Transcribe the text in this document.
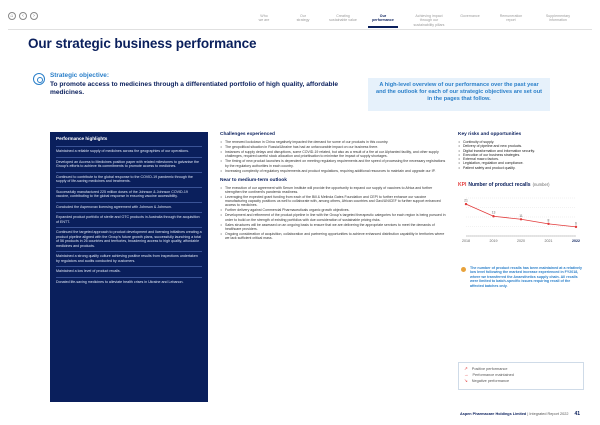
⌂	‹	›	Who
we are
Our
strategy
Creating
sustainable value
Our
performance
Achieving impact
through our
sustainability pillars
Governance	Remuneration
report
Supplementary
information
Our strategic business performance
Strategic objective:
To promote access to medicines through a differentiated portfolio of high quality, affordable medicines.
A high-level overview of our performance over the past year and the outlook for each of our strategic objectives are set out in the pages that follow.
Performance highlights
Maintained a reliable supply of medicines across the geographies of our operations.
Developed an Access to Medicines position paper with related milestones to galvanise the Group's efforts to achieve its commitments to promote access to medicines.
Continued to contribute to the global response to the COVID-19 pandemic through the supply of life-saving medicines and treatments.
Successfully manufactured 225 million doses of the Johnson & Johnson COVID-19 vaccine, contributing to the global response in ensuring vaccine accessibility.
Concluded the Aspenovax licensing agreement with Johnson & Johnson.
Expanded product portfolio of sterile and OTC products in Australia through the acquisition of ENTT.
Continued the targeted approach to product development and licensing initiatives creating a product pipeline aligned with the Group's future growth plans, successfully launching a total of 56 products in 26 countries and territories, broadening access to high quality, affordable medicines and products.
Maintained a strong quality culture achieving positive results from inspections undertaken by regulators and audits conducted by customers.
Maintained a low level of product recalls.
Donated life-saving medicines to alleviate health crises in Ukraine and Lebanon.
Challenges experienced
• The renewed lockdown in China negatively impacted the demand for some of our products in this country.
• The geopolitical situation in Russia/Ukraine has had an unfavourable impact on our business there.
• Instances of supply delays and disruptions, some COVID-19 related, but also as a result of a fire at our Alphanted facility, and other supply challenges, required careful stock allocation and prioritisation to minimise the impact of supply shortages.
• The timing of new product launches is dependent on meeting regulatory requirements and the speed of processing the necessary registrations by the regulatory authorities in each country.
• Increasing complexity of regulatory requirements and product regulations, requiring additional resources to maintain and upgrade our IP.
Near to medium-term outlook
• The execution of our agreement with Serum Institute will provide the opportunity to expand our supply of vaccines to Africa and further strengthen the continent's pandemic readiness.
• Leveraging the expected grant funding from each of the Bill & Melinda Gates Foundation and CEPI to further enhance our vaccine manufacturing capacity positions us well to collaborate with, among others, African countries and Gavi/UNICEF to further support enhanced access to medicines.
• Further delivery against Commercial Pharmaceuticals organic growth objectives.
• Development and refinement of the product pipeline in line with the Group's targeted therapeutic categories for each region is being pursued in order to build on the strength of existing portfolios with due consideration of sustainable pricing risks.
• Sales structures will be assessed on an ongoing basis to ensure that we are delivering the appropriate services to meet the demands of healthcare providers.
• Ongoing consideration of acquisition, collaboration and partnering opportunities to achieve enhanced distribution capability in territories where we lack sufficient critical mass.
Key risks and opportunities
• Continuity of supply.
• Delivery of pipeline and new products.
• Digital transformation and information security.
• Execution of our business strategies.
• External macro factors.
• Legislation, regulation and compliance.
• Patient safety and product quality.
KPI Number of product recalls (number)
21
2018
13
2019
11
2020
8
2021
6
2022
The number of product recalls has been maintained at a relatively low level following the marked increase experienced in FY2018, where we transferred the Anaesthetics supply chain. All recalls were limited to batch-specific issues requiring recall of the affected batches only.
↗ Positive performance
→ Performance maintained
↘ Negative performance
Aspen Pharmacare Holdings Limited | Integrated Report 2022 41
